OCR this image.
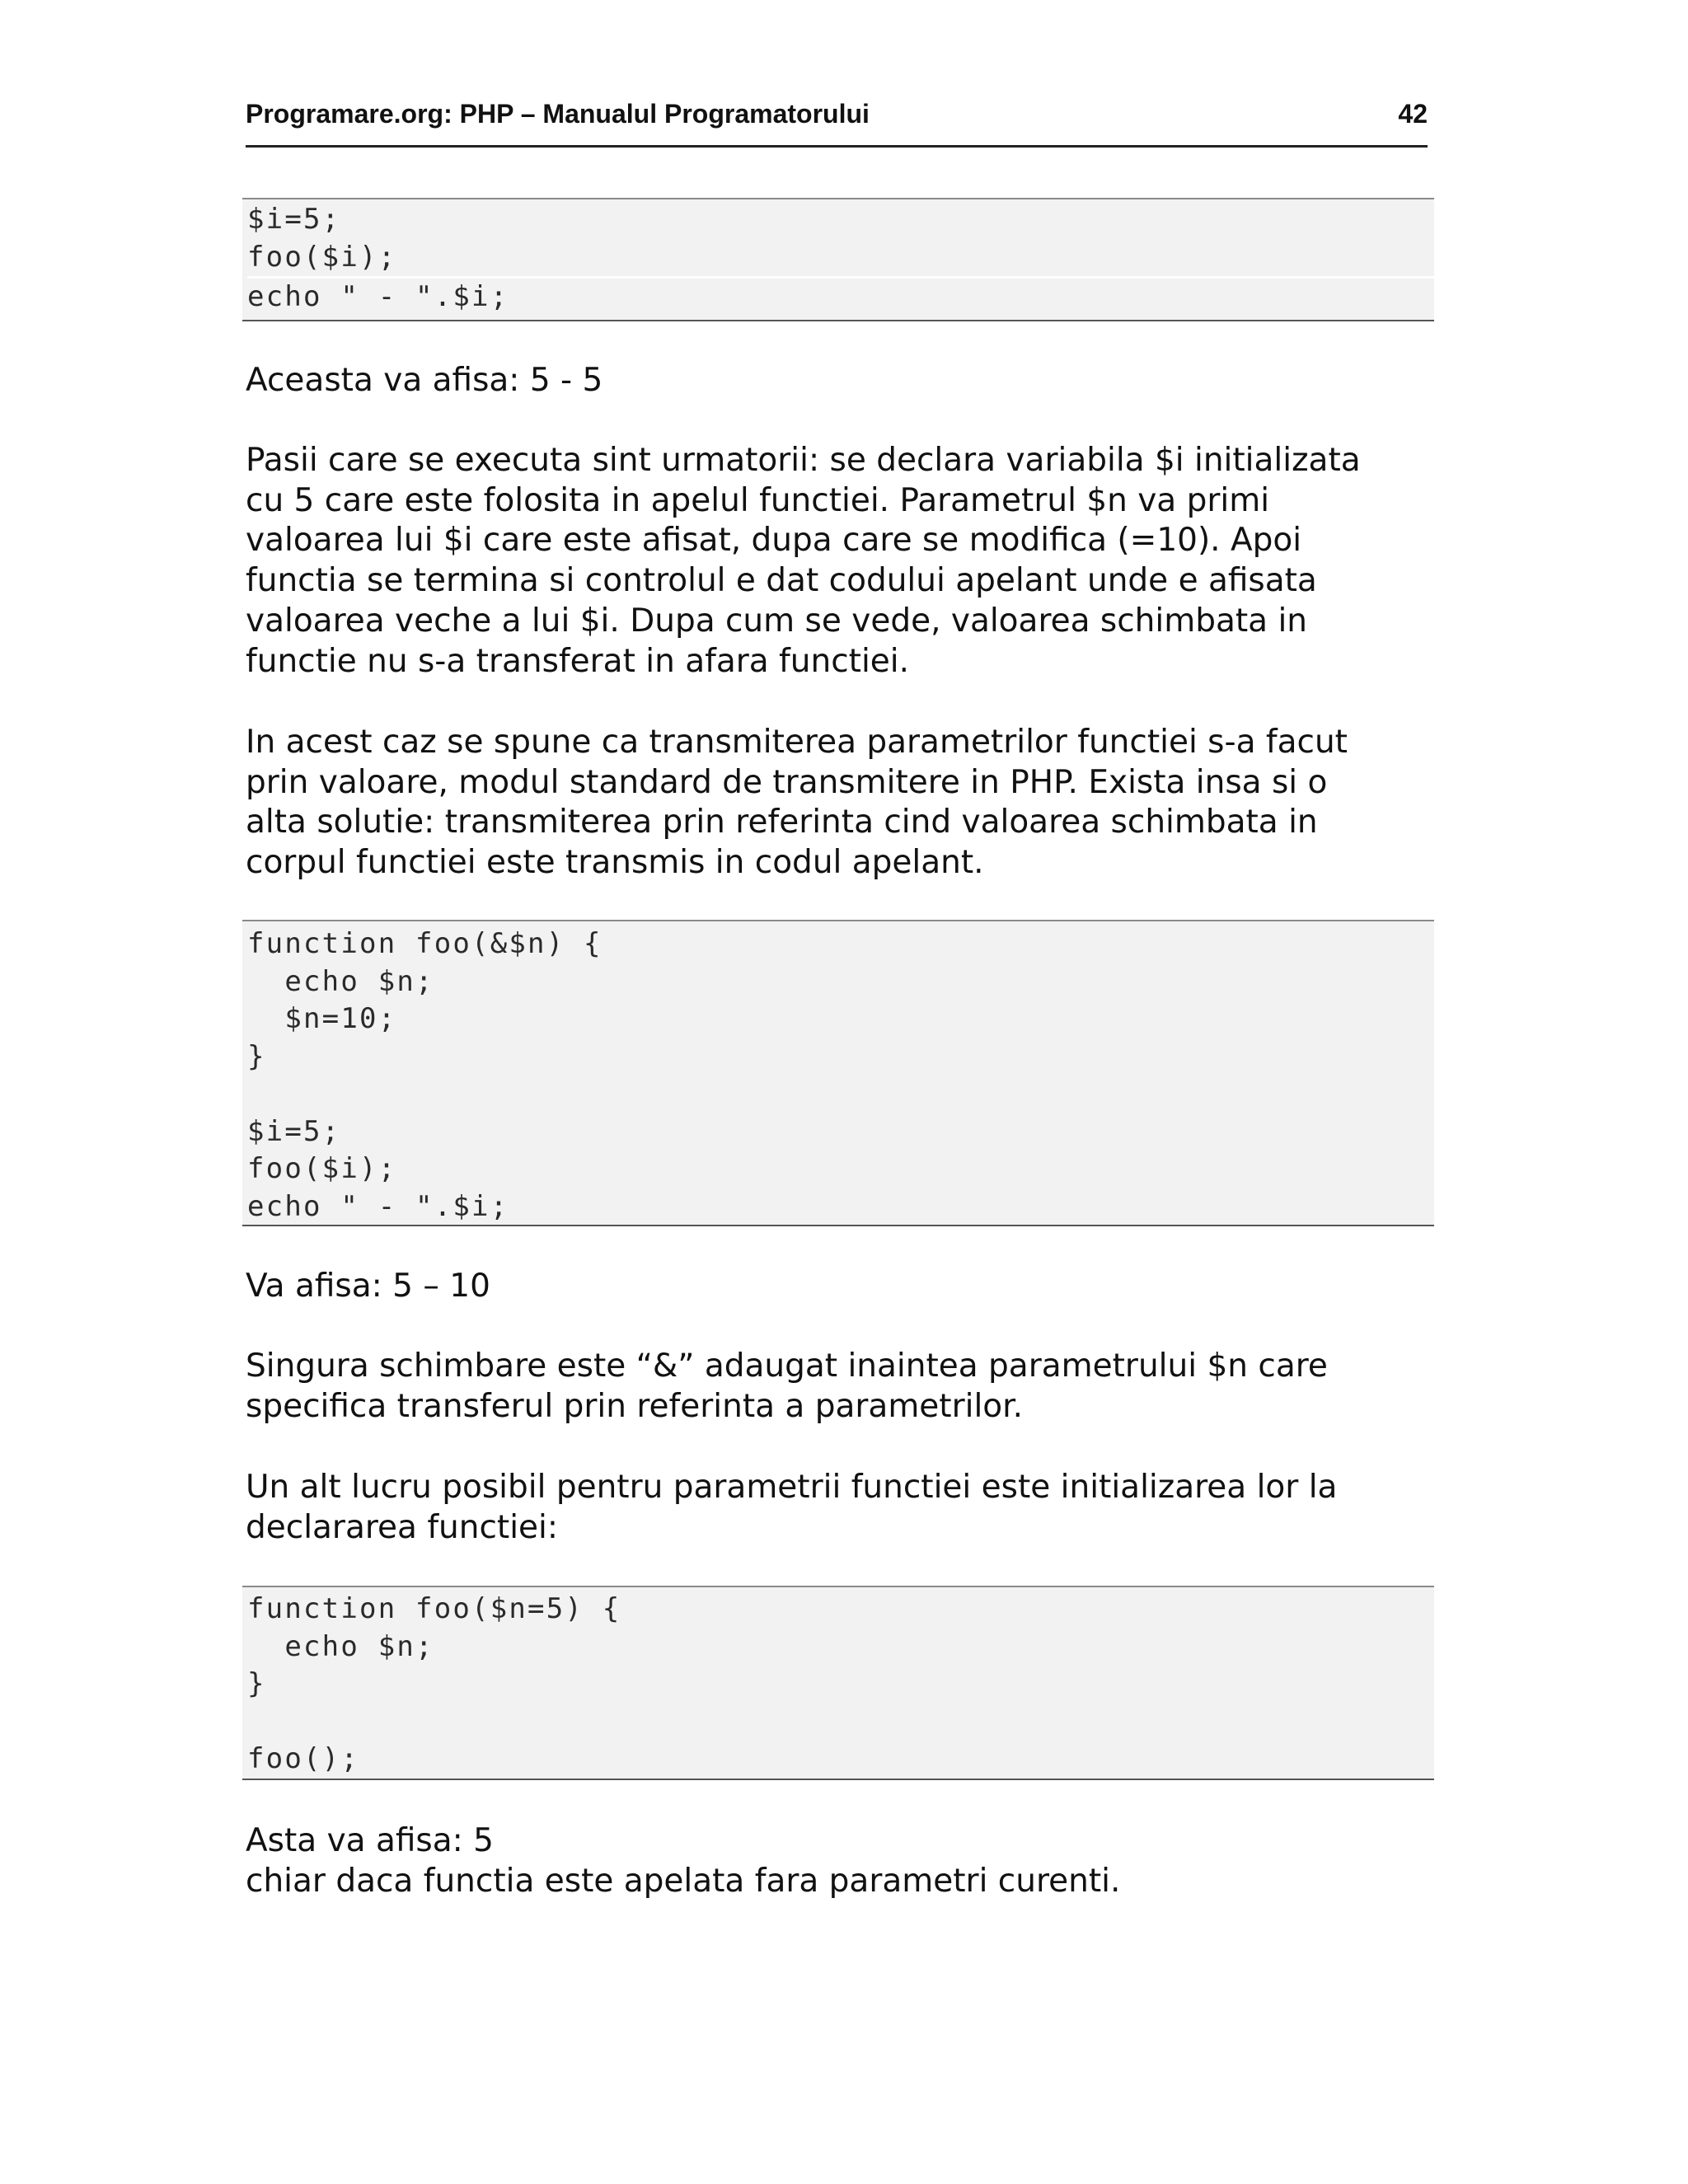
Programare.org: PHP – Manualul Programatorului	42
$i=5;
foo($i);
echo " - ".$i;

Aceasta va afisa: 5 - 5

Pasii care se executa sint urmatorii: se declara variabila $i initializata
cu 5 care este folosita in apelul functiei. Parametrul $n va primi
valoarea lui $i care este afisat, dupa care se modifica (=10). Apoi
functia se termina si controlul e dat codului apelant unde e afisata
valoarea veche a lui $i. Dupa cum se vede, valoarea schimbata in
functie nu s-a transferat in afara functiei.

In acest caz se spune ca transmiterea parametrilor functiei s-a facut
prin valoare, modul standard de transmitere in PHP. Exista insa si o
alta solutie: transmiterea prin referinta cind valoarea schimbata in
corpul functiei este transmis in codul apelant.

function foo(&$n) {
echo $n;
$n=10;
}
$i=5;
foo($i);
echo " - ".$i;

Va afisa: 5 – 10

Singura schimbare este “&” adaugat inaintea parametrului $n care
specifica transferul prin referinta a parametrilor.

Un alt lucru posibil pentru parametrii functiei este initializarea lor la
declararea functiei:

function foo($n=5) {
echo $n;
}
foo();

Asta va afisa: 5
chiar daca functia este apelata fara parametri curenti.
